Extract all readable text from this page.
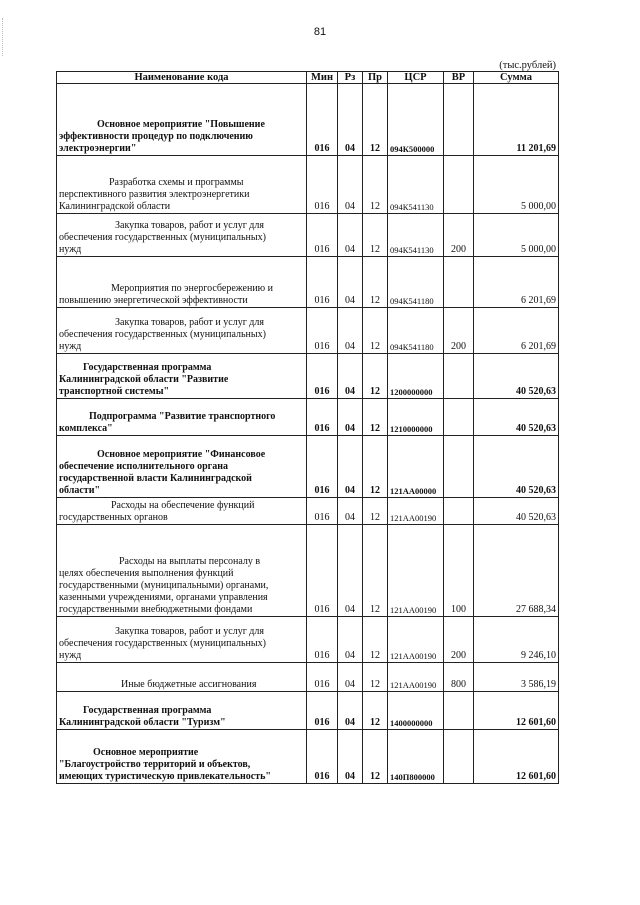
81
(тыс.рублей)
Наименование кода	Мин	Рз	Пр	ЦСР	ВР	Сумма

Основное мероприятие "Повышение
эффективности процедур по подключению
электроэнергии"	016	04	12	094К500000		11 201,69

Разработка схемы и программы
перспективного развития электроэнергетики
Калининградской области	016	04	12	094К541130		5 000,00

Закупка товаров, работ и услуг для
обеспечения государственных (муниципальных)
нужд	016	04	12	094К541130	200	5 000,00

Мероприятия по энергосбережению и
повышению энергетической эффективности	016	04	12	094К541180		6 201,69

Закупка товаров, работ и услуг для
обеспечения государственных (муниципальных)
нужд	016	04	12	094К541180	200	6 201,69

Государственная программа
Калининградской области "Развитие
транспортной системы"	016	04	12	1200000000		40 520,63

Подпрограмма "Развитие транспортного
комплекса"	016	04	12	1210000000		40 520,63

Основное мероприятие "Финансовое
обеспечение исполнительного органа
государственной власти Калининградской
области"	016	04	12	121АА00000		40 520,63

Расходы на обеспечение функций
государственных органов	016	04	12	121АА00190		40 520,63

Расходы на выплаты персоналу в
целях обеспечения выполнения функций
государственными (муниципальными) органами,
казенными учреждениями, органами управления
государственными внебюджетными фондами	016	04	12	121АА00190	100	27 688,34

Закупка товаров, работ и услуг для
обеспечения государственных (муниципальных)
нужд	016	04	12	121АА00190	200	9 246,10

Иные бюджетные ассигнования	016	04	12	121АА00190	800	3 586,19

Государственная программа
Калининградской области "Туризм"	016	04	12	1400000000		12 601,60

Основное мероприятие
"Благоустройство территорий и объектов,
имеющих туристическую привлекательность"	016	04	12	140П800000		12 601,60
